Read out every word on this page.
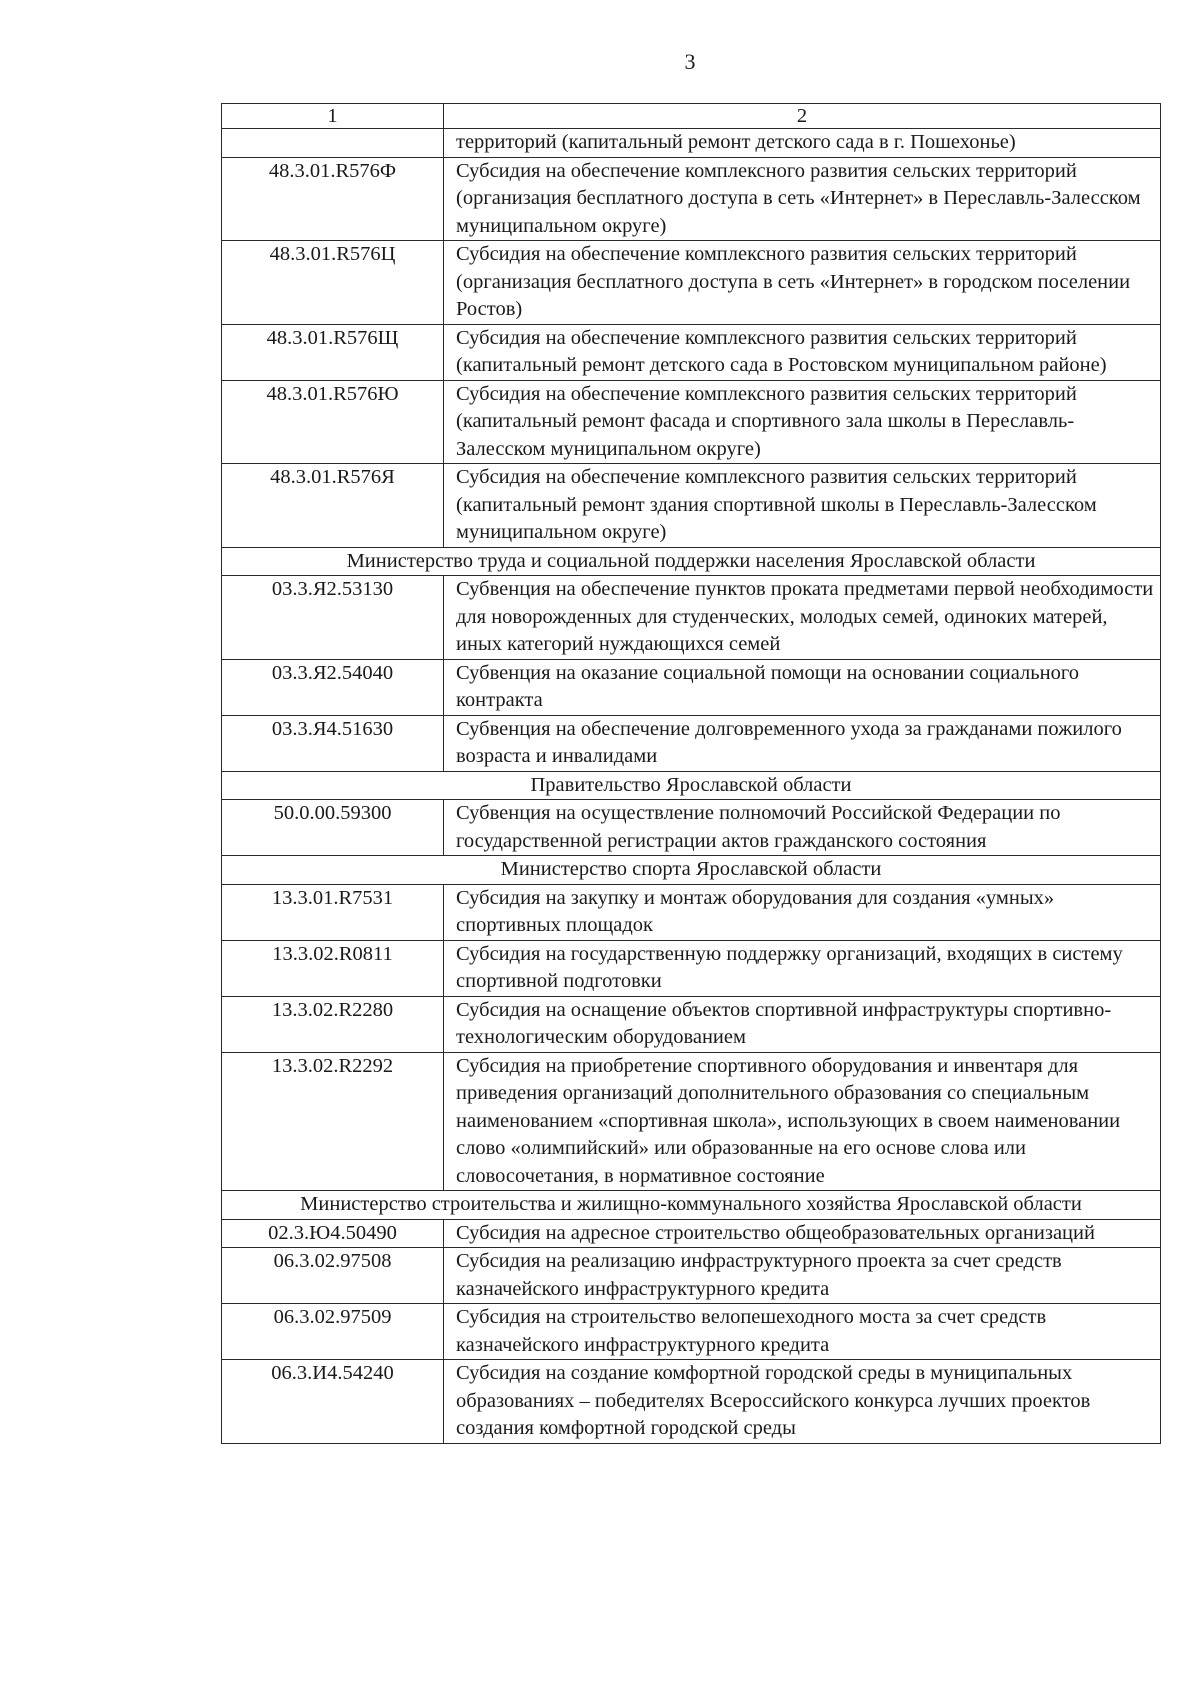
3
1	2
	территорий (капитальный ремонт детского сада в г. Пошехонье)
48.3.01.R576Ф	Субсидия на обеспечение комплексного развития сельских территорий (организация бесплатного доступа в сеть «Интернет» в Переславль-Залесском муниципальном округе)
48.3.01.R576Ц	Субсидия на обеспечение комплексного развития сельских территорий (организация бесплатного доступа в сеть «Интернет» в городском поселении Ростов)
48.3.01.R576Щ	Субсидия на обеспечение комплексного развития сельских территорий (капитальный ремонт детского сада в Ростовском муниципальном районе)
48.3.01.R576Ю	Субсидия на обеспечение комплексного развития сельских территорий (капитальный ремонт фасада и спортивного зала школы в Переславль-Залесском муниципальном округе)
48.3.01.R576Я	Субсидия на обеспечение комплексного развития сельских территорий (капитальный ремонт здания спортивной школы в Переславль-Залесском муниципальном округе)
Министерство труда и социальной поддержки населения Ярославской области	
03.3.Я2.53130	Субвенция на обеспечение пунктов проката предметами первой необходимости для новорожденных для студенческих, молодых семей, одиноких матерей, иных категорий нуждающихся семей
03.3.Я2.54040	Субвенция на оказание социальной помощи на основании социального контракта
03.3.Я4.51630	Субвенция на обеспечение долговременного ухода за гражданами пожилого возраста и инвалидами
Правительство Ярославской области	
50.0.00.59300	Субвенция на осуществление полномочий Российской Федерации по государственной регистрации актов гражданского состояния
Министерство спорта Ярославской области	
13.3.01.R7531	Субсидия на закупку и монтаж оборудования для создания «умных» спортивных площадок
13.3.02.R0811	Субсидия на государственную поддержку организаций, входящих в систему спортивной подготовки
13.3.02.R2280	Субсидия на оснащение объектов спортивной инфраструктуры спортивно-технологическим оборудованием
13.3.02.R2292	Субсидия на приобретение спортивного оборудования и инвентаря для приведения организаций дополнительного образования со специальным наименованием «спортивная школа», использующих в своем наименовании слово «олимпийский» или образованные на его основе слова или словосочетания, в нормативное состояние
Министерство строительства и жилищно-коммунального хозяйства Ярославской области	
02.3.Ю4.50490	Субсидия на адресное строительство общеобразовательных организаций
06.3.02.97508	Субсидия на реализацию инфраструктурного проекта за счет средств казначейского инфраструктурного кредита
06.3.02.97509	Субсидия на строительство велопешеходного моста за счет средств казначейского инфраструктурного кредита
06.3.И4.54240	Субсидия на создание комфортной городской среды в муниципальных образованиях – победителях Всероссийского конкурса лучших проектов создания комфортной городской среды
